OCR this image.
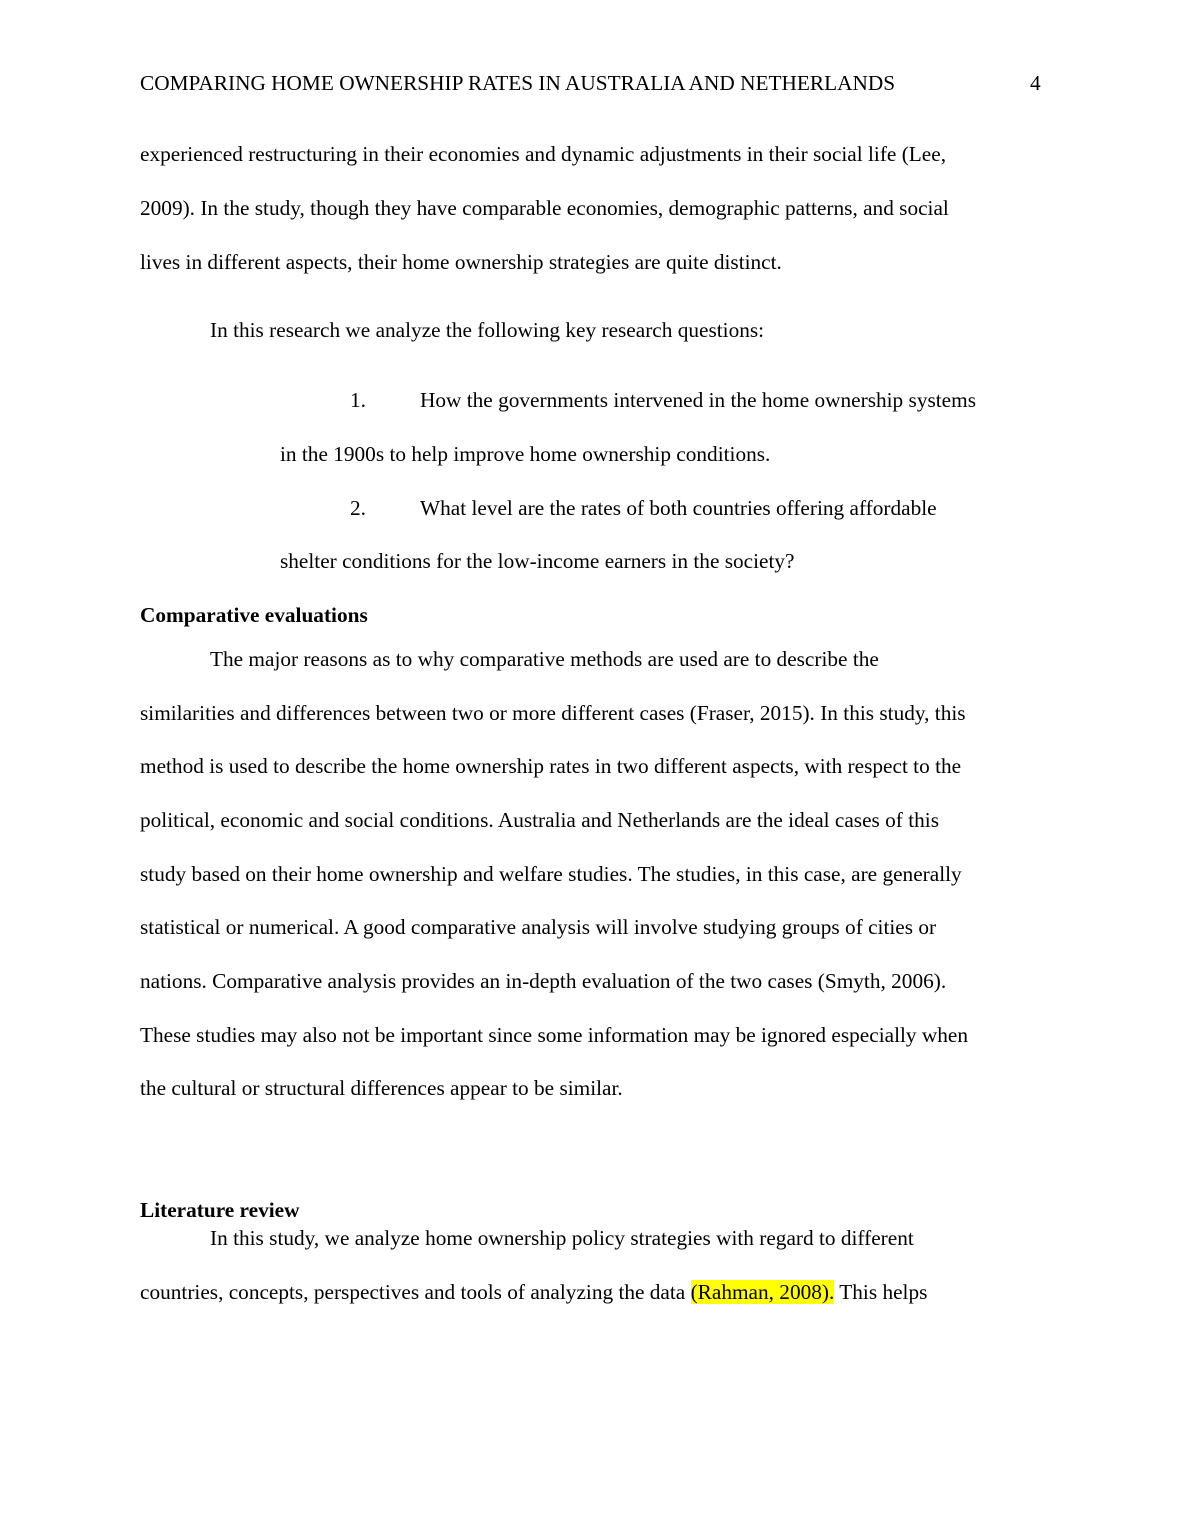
COMPARING HOME OWNERSHIP RATES IN AUSTRALIA AND NETHERLANDS	4
experienced restructuring in their economies and dynamic adjustments in their social life (Lee,
2009). In the study, though they have comparable economies, demographic patterns, and social
lives in different aspects, their home ownership strategies are quite distinct.
In this research we analyze the following key research questions:
1.	How the governments intervened in the home ownership systems
in the 1900s to help improve home ownership conditions.
2.	What level are the rates of both countries offering affordable
shelter conditions for the low-income earners in the society?
Comparative evaluations
The major reasons as to why comparative methods are used are to describe the
similarities and differences between two or more different cases (Fraser, 2015). In this study, this
method is used to describe the home ownership rates in two different aspects, with respect to the
political, economic and social conditions. Australia and Netherlands are the ideal cases of this
study based on their home ownership and welfare studies. The studies, in this case, are generally
statistical or numerical. A good comparative analysis will involve studying groups of cities or
nations. Comparative analysis provides an in-depth evaluation of the two cases (Smyth, 2006).
These studies may also not be important since some information may be ignored especially when
the cultural or structural differences appear to be similar.
Literature review
In this study, we analyze home ownership policy strategies with regard to different
countries, concepts, perspectives and tools of analyzing the data (Rahman, 2008). This helps
